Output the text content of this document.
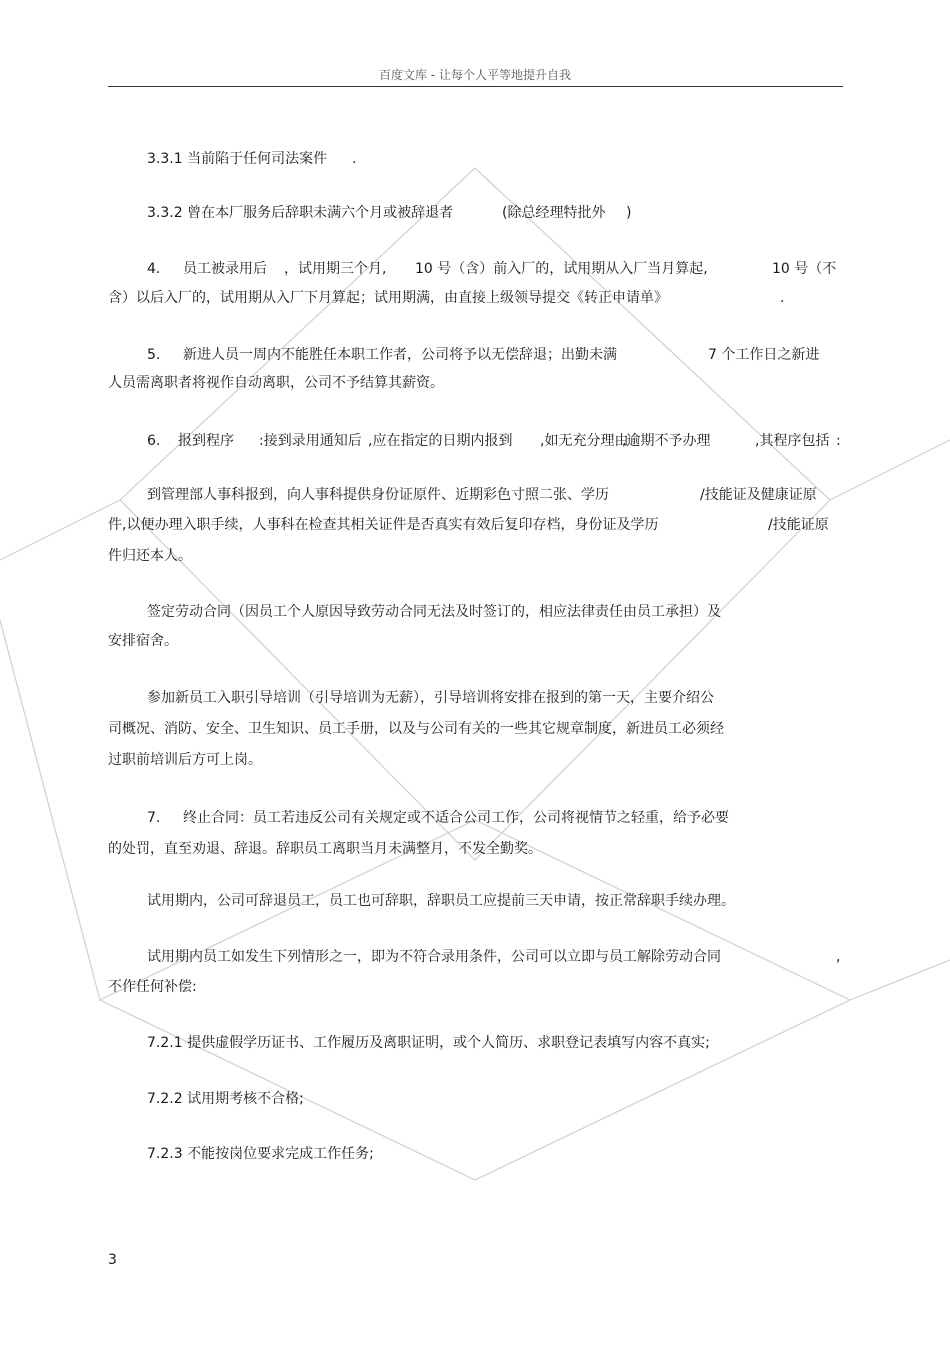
百度文库 - 让每个人平等地提升自我
3.3.1 当前陷于任何司法案件 .
3.3.2 曾在本厂服务后辞职未满六个月或被辞退者	(除总经理特批外 )
4. 员工被录用后 ，试用期三个月, 10 号（含）前入厂的，试用期从入厂当月算起,	10 号（不
含）以后入厂的，试用期从入厂下月算起；试用期满，由直接上级领导提交《转正申请单》	.
5. 新进人员一周内不能胜任本职工作者，公司将予以无偿辞退；出勤未满	7 个工作日之新进
人员需离职者将视作自动离职，公司不予结算其薪资。
6. 报到程序 :接到录用通知后 ,应在指定的日期内报到 ,如无充分理由
,逾期不予办理	,其程序包括 :
到管理部人事科报到，向人事科提供身份证原件、近期彩色寸照二张、学历	/技能证及健康证原
件,以便办理入职手续，人事科在检查其相关证件是否真实有效后复印存档，身份证及学历	/技能证原
件归还本人。
签定劳动合同（因员工个人原因导致劳动合同无法及时签订的，相应法律责任由员工承担）及
安排宿舍。
参加新员工入职引导培训（引导培训为无薪），引导培训将安排在报到的第一天，主要介绍公
司概况、消防、安全、卫生知识、员工手册，以及与公司有关的一些其它规章制度，新进员工必须经
过职前培训后方可上岗。
7. 终止合同：员工若违反公司有关规定或不适合公司工作，公司将视情节之轻重，给予必要
的处罚，直至劝退、辞退。辞职员工离职当月未满整月，不发全勤奖。
试用期内，公司可辞退员工，员工也可辞职，辞职员工应提前三天申请，按正常辞职手续办理。
试用期内员工如发生下列情形之一，即为不符合录用条件，公司可以立即与员工解除劳动合同	,
不作任何补偿:
7.2.1 提供虚假学历证书、工作履历及离职证明，或个人简历、求职登记表填写内容不真实;
7.2.2 试用期考核不合格;
7.2.3 不能按岗位要求完成工作任务;
3
